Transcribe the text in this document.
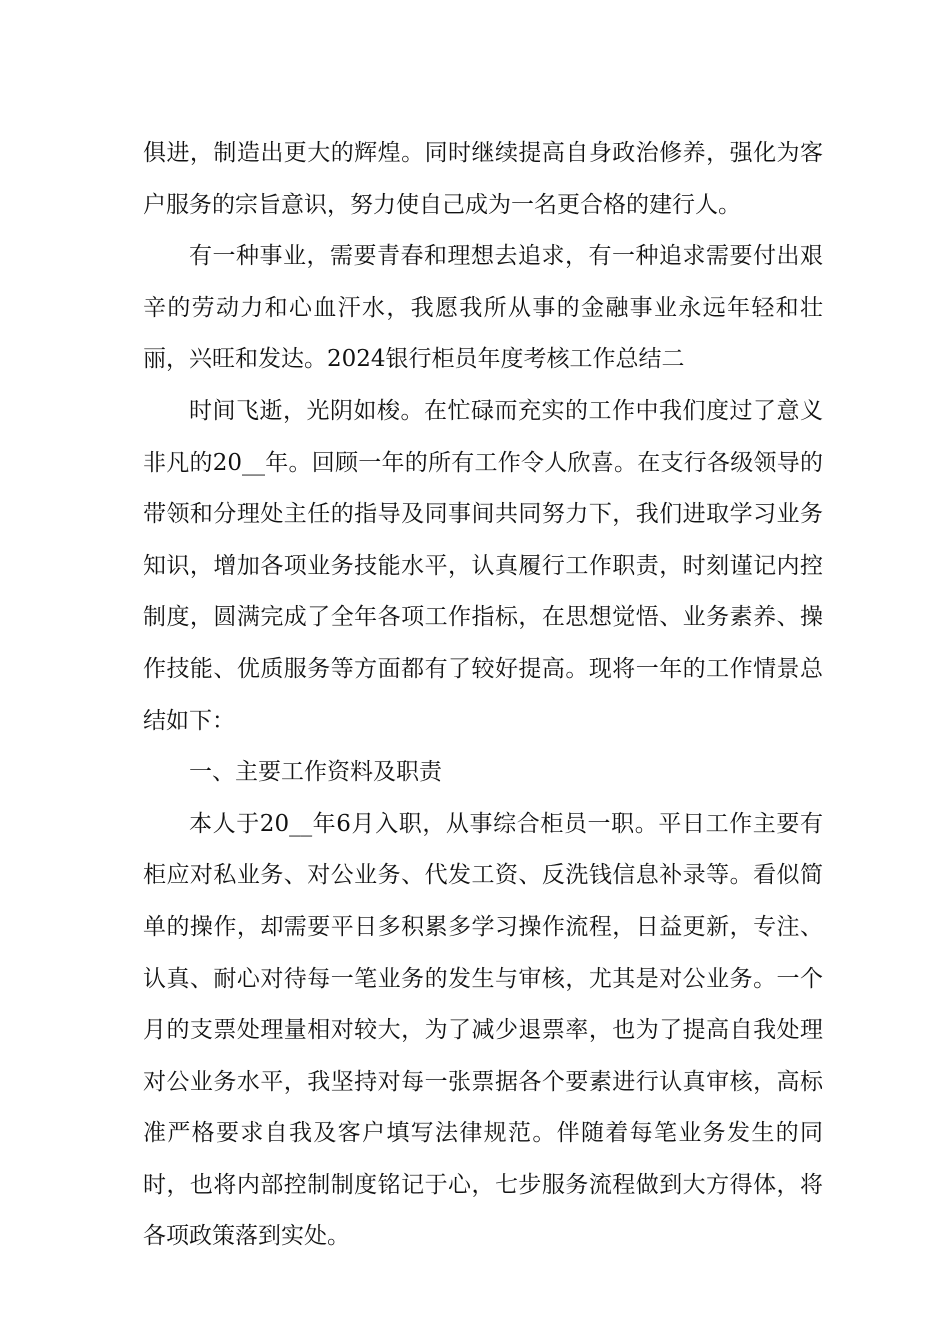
俱进，制造出更大的辉煌。同时继续提高自身政治修养，强化为客户服务的宗旨意识，努力使自己成为一名更合格的建行人。

有一种事业，需要青春和理想去追求，有一种追求需要付出艰辛的劳动力和心血汗水，我愿我所从事的金融事业永远年轻和壮丽，兴旺和发达。2024银行柜员年度考核工作总结二

时间飞逝，光阴如梭。在忙碌而充实的工作中我们度过了意义非凡的20__年。回顾一年的所有工作令人欣喜。在支行各级领导的带领和分理处主任的指导及同事间共同努力下，我们进取学习业务知识，增加各项业务技能水平，认真履行工作职责，时刻谨记内控制度，圆满完成了全年各项工作指标，在思想觉悟、业务素养、操作技能、优质服务等方面都有了较好提高。现将一年的工作情景总结如下：

一、主要工作资料及职责

本人于20__年6月入职，从事综合柜员一职。平日工作主要有柜应对私业务、对公业务、代发工资、反洗钱信息补录等。看似简单的操作，却需要平日多积累多学习操作流程，日益更新，专注、认真、耐心对待每一笔业务的发生与审核，尤其是对公业务。一个月的支票处理量相对较大，为了减少退票率，也为了提高自我处理对公业务水平，我坚持对每一张票据各个要素进行认真审核，高标准严格要求自我及客户填写法律规范。伴随着每笔业务发生的同时，也将内部控制制度铭记于心，七步服务流程做到大方得体，将各项政策落到实处。
